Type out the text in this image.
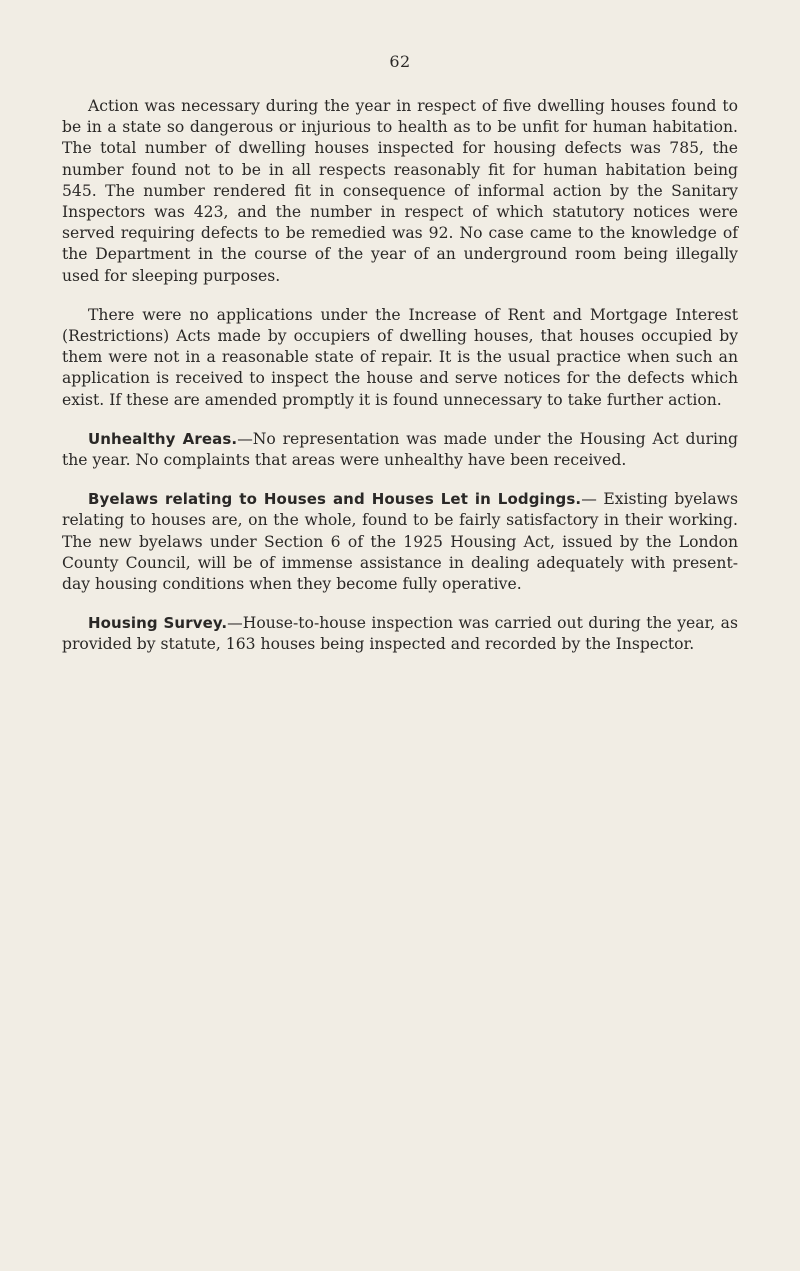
62

Action was necessary during the year in respect of five dwelling houses found to be in a state so dangerous or injurious to health as to be unfit for human habitation. The total number of dwelling houses inspected for housing defects was 785, the number found not to be in all respects reasonably fit for human habitation being 545. The number rendered fit in consequence of informal action by the Sanitary Inspectors was 423, and the number in respect of which statutory notices were served requiring defects to be remedied was 92. No case came to the knowledge of the Department in the course of the year of an underground room being illegally used for sleeping purposes.

There were no applications under the Increase of Rent and Mortgage Interest (Restrictions) Acts made by occupiers of dwelling houses, that houses occupied by them were not in a reasonable state of repair. It is the usual practice when such an application is received to inspect the house and serve notices for the defects which exist. If these are amended promptly it is found unnecessary to take further action.

Unhealthy Areas.—No representation was made under the Housing Act during the year. No complaints that areas were unhealthy have been received.

Byelaws relating to Houses and Houses Let in Lodgings.— Existing byelaws relating to houses are, on the whole, found to be fairly satisfactory in their working. The new byelaws under Section 6 of the 1925 Housing Act, issued by the London County Council, will be of immense assistance in dealing adequately with present-day housing conditions when they become fully operative.

Housing Survey.—House-to-house inspection was carried out during the year, as provided by statute, 163 houses being inspected and recorded by the Inspector.
